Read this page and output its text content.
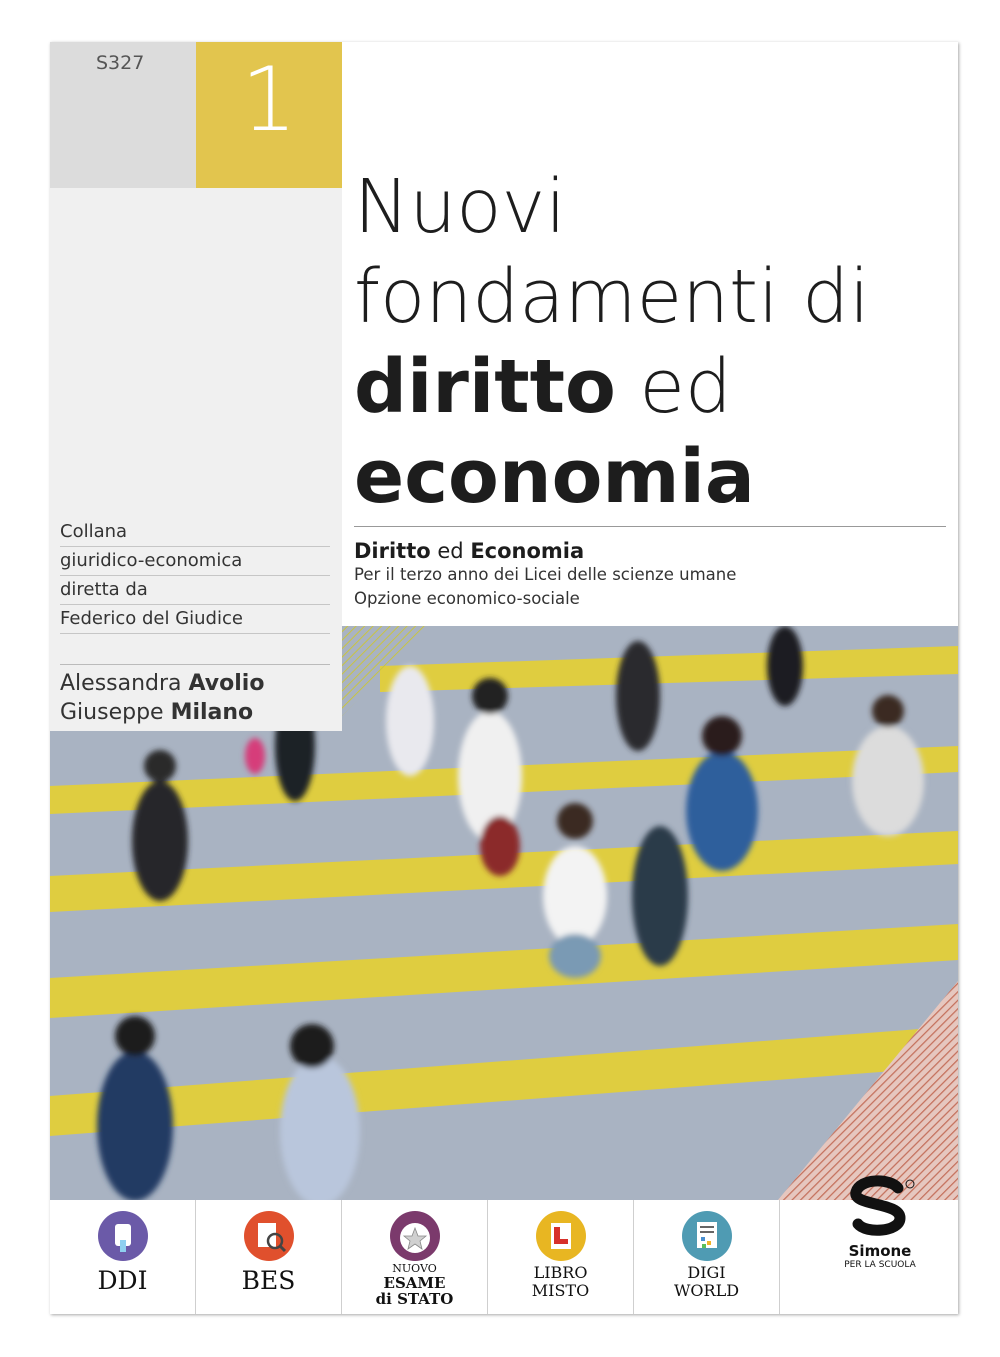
S327	1
Nuovi
fondamenti di
diritto ed
economia
Diritto ed Economia
Per il terzo anno dei Licei delle scienze umane
Opzione economico-sociale
Collana
giuridico-economica
diretta da
Federico del Giudice
Alessandra Avolio
Giuseppe Milano
DDI	BES	NUOVO
ESAME
di STATO
LIBRO
MISTO
DIGI
WORLD
Simone
PER LA SCUOLA
